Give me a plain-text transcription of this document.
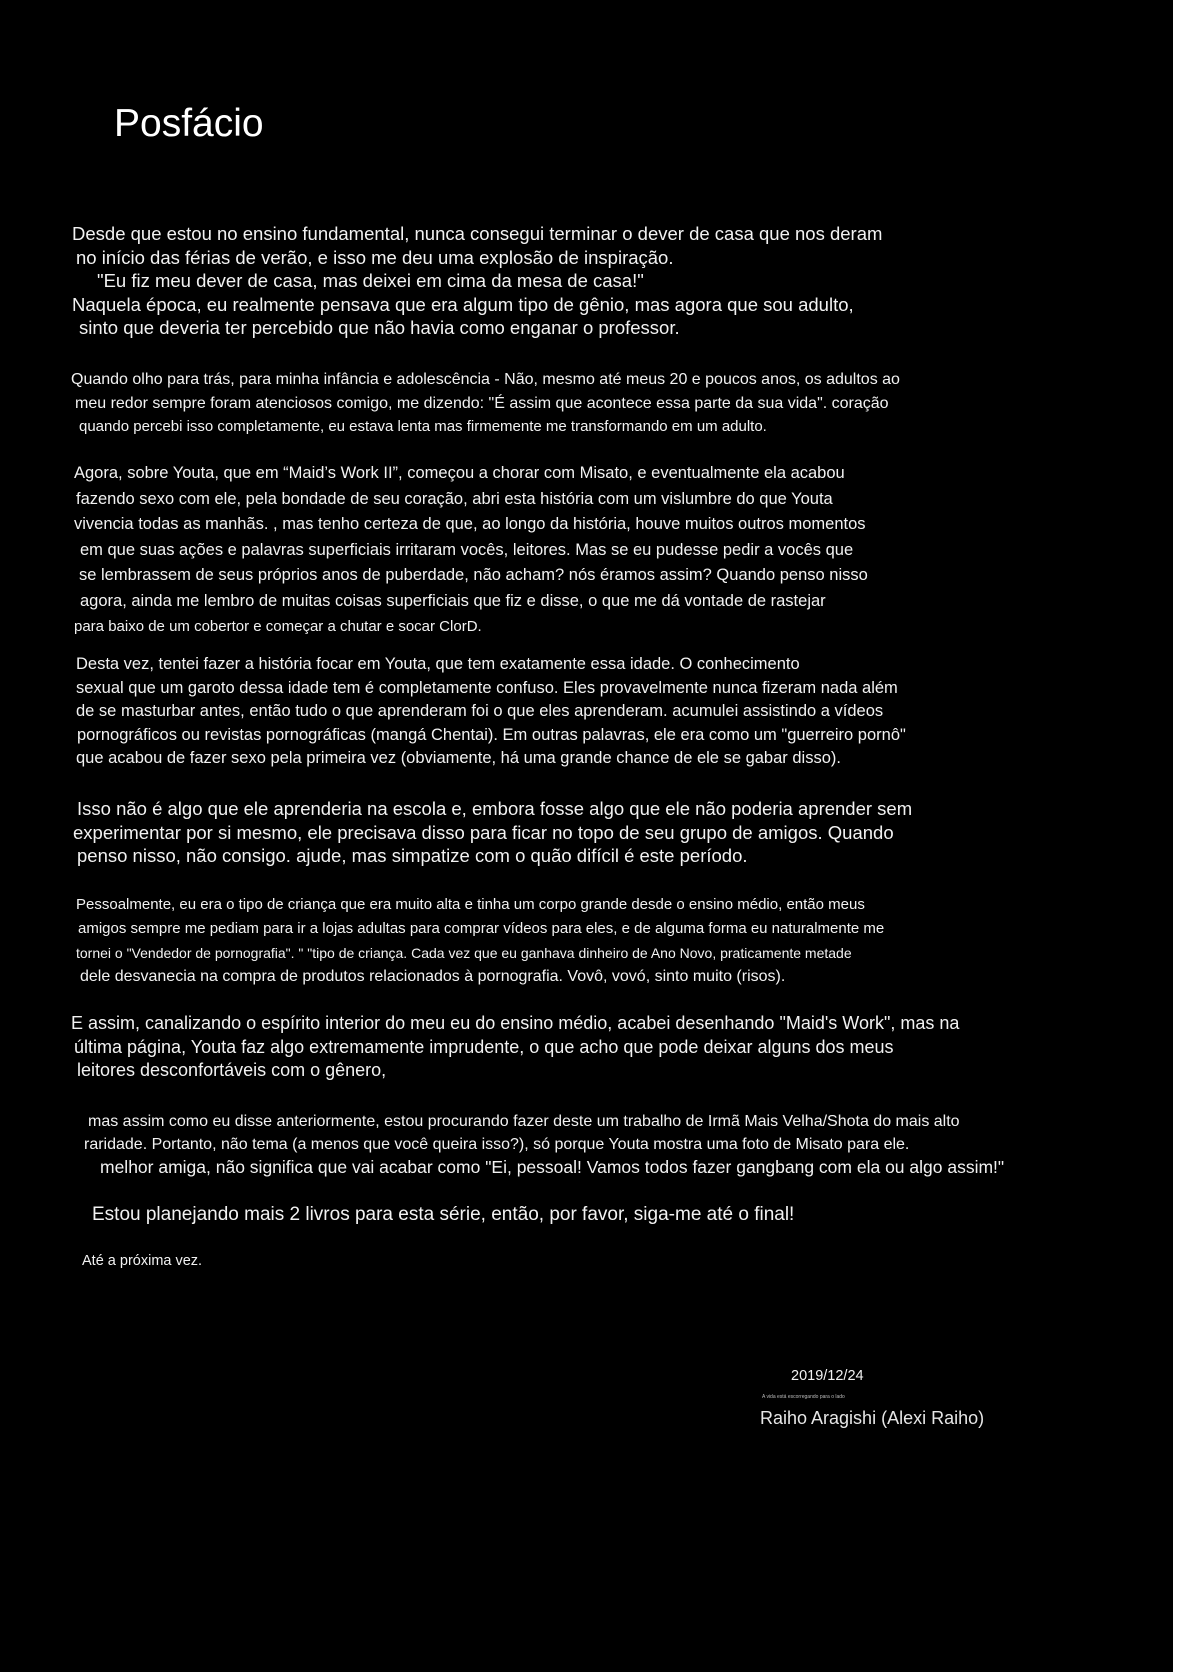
Posfácio

Desde que estou no ensino fundamental, nunca consegui terminar o dever de casa que nos deram
no início das férias de verão, e isso me deu uma explosão de inspiração.
"Eu fiz meu dever de casa, mas deixei em cima da mesa de casa!"
Naquela época, eu realmente pensava que era algum tipo de gênio, mas agora que sou adulto,
sinto que deveria ter percebido que não havia como enganar o professor.

Quando olho para trás, para minha infância e adolescência - Não, mesmo até meus 20 e poucos anos, os adultos ao
meu redor sempre foram atenciosos comigo, me dizendo: "É assim que acontece essa parte da sua vida". coração
quando percebi isso completamente, eu estava lenta mas firmemente me transformando em um adulto.

Agora, sobre Youta, que em “Maid’s Work II”, começou a chorar com Misato, e eventualmente ela acabou
fazendo sexo com ele, pela bondade de seu coração, abri esta história com um vislumbre do que Youta
vivencia todas as manhãs. , mas tenho certeza de que, ao longo da história, houve muitos outros momentos
em que suas ações e palavras superficiais irritaram vocês, leitores. Mas se eu pudesse pedir a vocês que
se lembrassem de seus próprios anos de puberdade, não acham? nós éramos assim? Quando penso nisso
agora, ainda me lembro de muitas coisas superficiais que fiz e disse, o que me dá vontade de rastejar
para baixo de um cobertor e começar a chutar e socar ClorD.

Desta vez, tentei fazer a história focar em Youta, que tem exatamente essa idade. O conhecimento
sexual que um garoto dessa idade tem é completamente confuso. Eles provavelmente nunca fizeram nada além
de se masturbar antes, então tudo o que aprenderam foi o que eles aprenderam. acumulei assistindo a vídeos
pornográficos ou revistas pornográficas (mangá Chentai). Em outras palavras, ele era como um "guerreiro pornô"
que acabou de fazer sexo pela primeira vez (obviamente, há uma grande chance de ele se gabar disso).

Isso não é algo que ele aprenderia na escola e, embora fosse algo que ele não poderia aprender sem
experimentar por si mesmo, ele precisava disso para ficar no topo de seu grupo de amigos. Quando
penso nisso, não consigo. ajude, mas simpatize com o quão difícil é este período.

Pessoalmente, eu era o tipo de criança que era muito alta e tinha um corpo grande desde o ensino médio, então meus
amigos sempre me pediam para ir a lojas adultas para comprar vídeos para eles, e de alguma forma eu naturalmente me
tornei o "Vendedor de pornografia". " "tipo de criança. Cada vez que eu ganhava dinheiro de Ano Novo, praticamente metade
dele desvanecia na compra de produtos relacionados à pornografia. Vovô, vovó, sinto muito (risos).

E assim, canalizando o espírito interior do meu eu do ensino médio, acabei desenhando "Maid's Work", mas na
última página, Youta faz algo extremamente imprudente, o que acho que pode deixar alguns dos meus
leitores desconfortáveis com o gênero,

mas assim como eu disse anteriormente, estou procurando fazer deste um trabalho de Irmã Mais Velha/Shota do mais alto
raridade. Portanto, não tema (a menos que você queira isso?), só porque Youta mostra uma foto de Misato para ele.
melhor amiga, não significa que vai acabar como "Ei, pessoal! Vamos todos fazer gangbang com ela ou algo assim!"

Estou planejando mais 2 livros para esta série, então, por favor, siga-me até o final!

Até a próxima vez.

2019/12/24

A vida está escorregando para o lado

Raiho Aragishi (Alexi Raiho)
